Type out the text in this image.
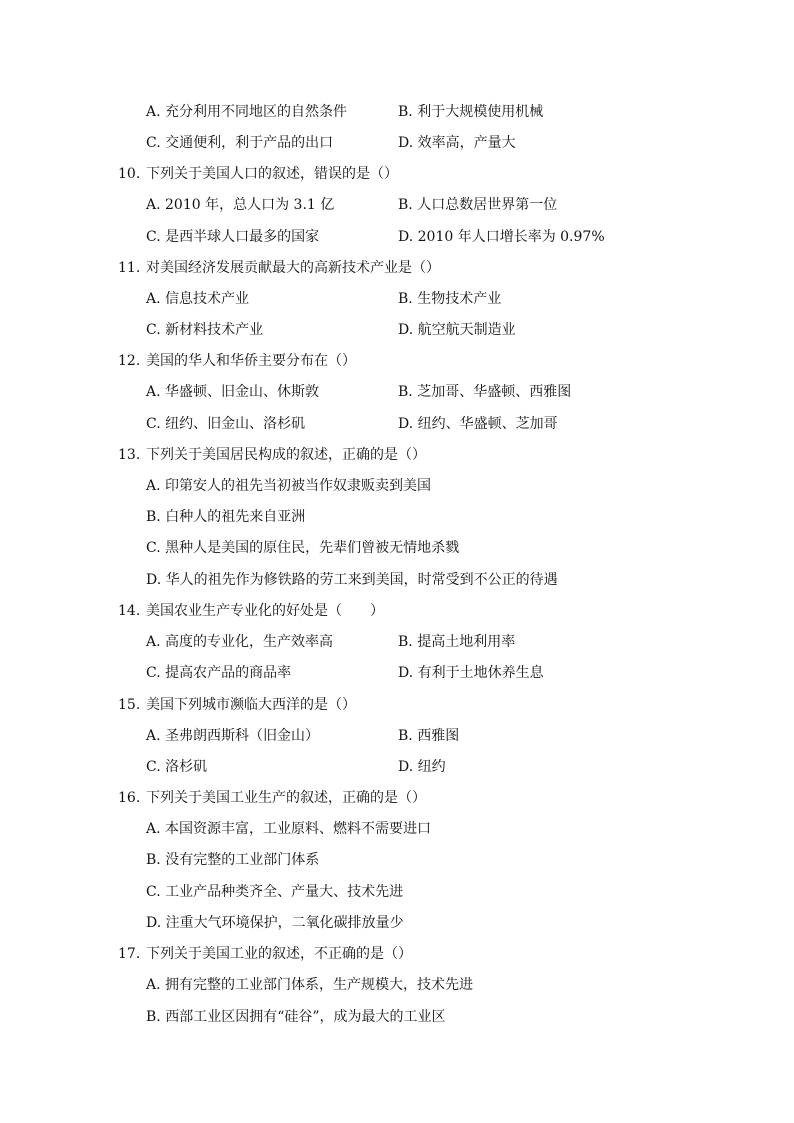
A. 充分利用不同地区的自然条件	B. 利于大规模使用机械
C. 交通便利，利于产品的出口	D. 效率高，产量大
10. 下列关于美国人口的叙述，错误的是（）
A. 2010 年，总人口为 3.1 亿	B. 人口总数居世界第一位
C. 是西半球人口最多的国家	D. 2010 年人口增长率为 0.97%
11. 对美国经济发展贡献最大的高新技术产业是（）
A. 信息技术产业	B. 生物技术产业
C. 新材料技术产业	D. 航空航天制造业
12. 美国的华人和华侨主要分布在（）
A. 华盛顿、旧金山、休斯敦	B. 芝加哥、华盛顿、西雅图
C. 纽约、旧金山、洛杉矶	D. 纽约、华盛顿、芝加哥
13. 下列关于美国居民构成的叙述，正确的是（）
A. 印第安人的祖先当初被当作奴隶贩卖到美国
B. 白种人的祖先来自亚洲
C. 黑种人是美国的原住民，先辈们曾被无情地杀戮
D. 华人的祖先作为修铁路的劳工来到美国，时常受到不公正的待遇
14. 美国农业生产专业化的好处是（　　）
A. 高度的专业化，生产效率高	B. 提高土地利用率
C. 提高农产品的商品率	D. 有利于土地休养生息
15. 美国下列城市濒临大西洋的是（）
A. 圣弗朗西斯科（旧金山）	B. 西雅图
C. 洛杉矶	D. 纽约
16. 下列关于美国工业生产的叙述，正确的是（）
A. 本国资源丰富，工业原料、燃料不需要进口
B. 没有完整的工业部门体系
C. 工业产品种类齐全、产量大、技术先进
D. 注重大气环境保护，二氧化碳排放量少
17. 下列关于美国工业的叙述，不正确的是（）
A. 拥有完整的工业部门体系，生产规模大，技术先进
B. 西部工业区因拥有“硅谷”，成为最大的工业区
